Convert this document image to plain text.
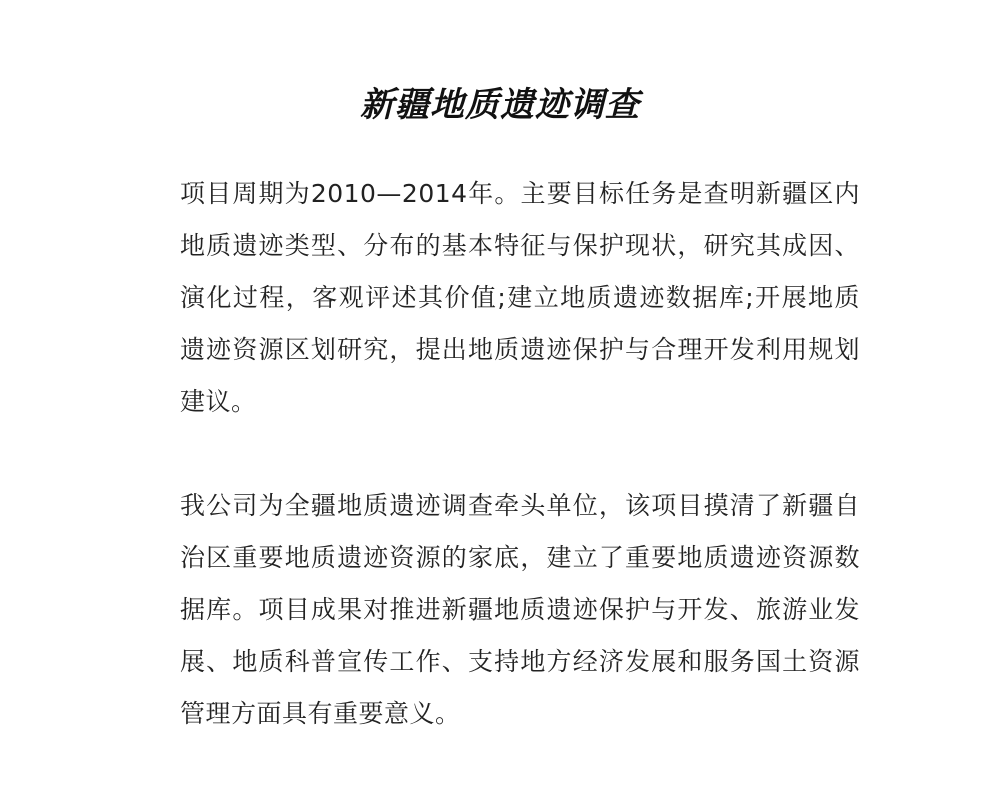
新疆地质遗迹调查

项目周期为2010—2014年。主要目标任务是查明新疆区内地质遗迹类型、分布的基本特征与保护现状，研究其成因、演化过程，客观评述其价值;建立地质遗迹数据库;开展地质遗迹资源区划研究，提出地质遗迹保护与合理开发利用规划建议。

我公司为全疆地质遗迹调查牵头单位，该项目摸清了新疆自治区重要地质遗迹资源的家底，建立了重要地质遗迹资源数据库。项目成果对推进新疆地质遗迹保护与开发、旅游业发展、地质科普宣传工作、支持地方经济发展和服务国土资源管理方面具有重要意义。
